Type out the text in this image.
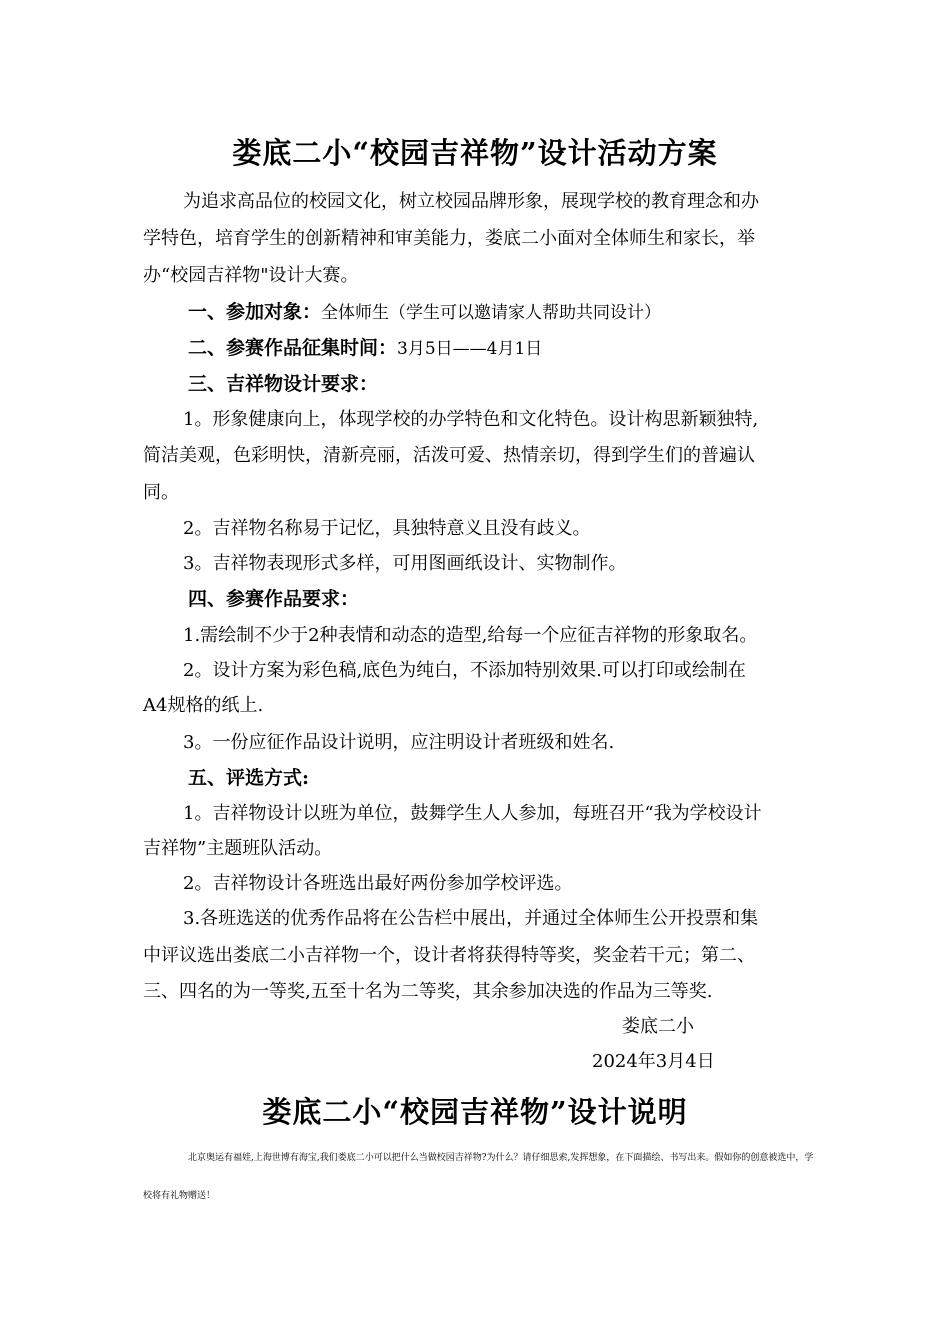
娄底二小“校园吉祥物”设计活动方案
为追求高品位的校园文化，树立校园品牌形象，展现学校的教育理念和办
学特色，培育学生的创新精神和审美能力，娄底二小面对全体师生和家长，举
办“校园吉祥物"设计大赛。
一、参加对象：全体师生（学生可以邀请家人帮助共同设计）
二、参赛作品征集时间：3月5日——4月1日
三、吉祥物设计要求：
1。形象健康向上，体现学校的办学特色和文化特色。设计构思新颖独特,
简洁美观，色彩明快，清新亮丽，活泼可爱、热情亲切，得到学生们的普遍认
同。
2。吉祥物名称易于记忆，具独特意义且没有歧义。
3。吉祥物表现形式多样，可用图画纸设计、实物制作。
四、参赛作品要求：
1.需绘制不少于2种表情和动态的造型,给每一个应征吉祥物的形象取名。
2。设计方案为彩色稿,底色为纯白，不添加特别效果.可以打印或绘制在
A4规格的纸上.
3。一份应征作品设计说明，应注明设计者班级和姓名.
五、评选方式:
1。吉祥物设计以班为单位，鼓舞学生人人参加，每班召开“我为学校设计
吉祥物”主题班队活动。
2。吉祥物设计各班选出最好两份参加学校评选。
3.各班选送的优秀作品将在公告栏中展出，并通过全体师生公开投票和集
中评议选出娄底二小吉祥物一个，设计者将获得特等奖，奖金若干元；第二、
三、四名的为一等奖,五至十名为二等奖，其余参加决选的作品为三等奖.
娄底二小
2024年3月4日
娄底二小“校园吉祥物”设计说明
北京奥运有福娃,上海世博有海宝,我们娄底二小可以把什么当做校园吉祥物?为什么？请仔细思索,发挥想象，在下面描绘、书写出来。假如你的创意被选中，学
校将有礼物赠送！
